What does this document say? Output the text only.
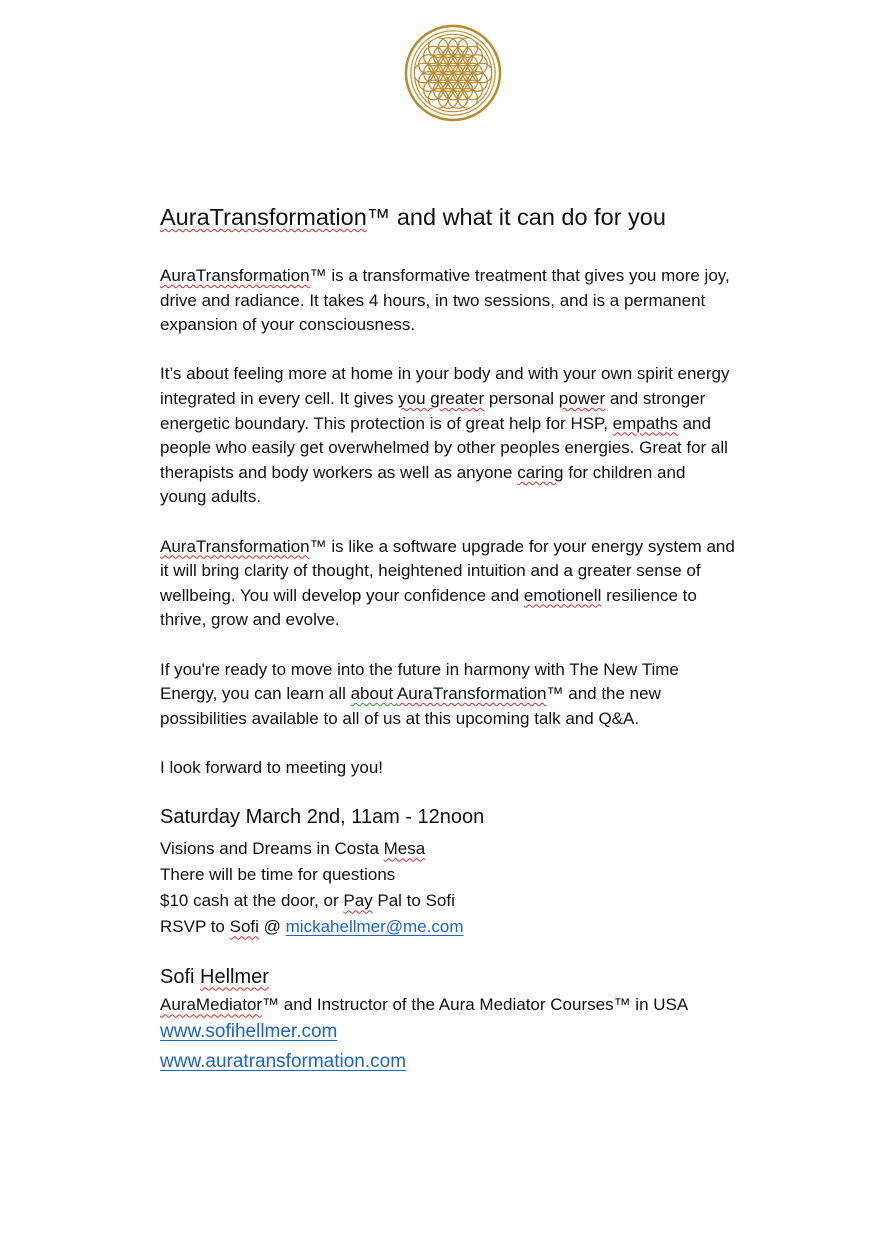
AuraTransformation™ and what it can do for you

AuraTransformation™ is a transformative treatment that gives you more joy, drive and radiance. It takes 4 hours, in two sessions, and is a permanent expansion of your consciousness.

It’s about feeling more at home in your body and with your own spirit energy integrated in every cell. It gives you greater personal power and stronger energetic boundary. This protection is of great help for HSP, empaths and people who easily get overwhelmed by other peoples energies. Great for all therapists and body workers as well as anyone caring for children and young adults.

AuraTransformation™ is like a software upgrade for your energy system and it will bring clarity of thought, heightened intuition and a greater sense of wellbeing. You will develop your confidence and emotionell resilience to thrive, grow and evolve.

If you're ready to move into the future in harmony with The New Time Energy, you can learn all about AuraTransformation™ and the new possibilities available to all of us at this upcoming talk and Q&A.

I look forward to meeting you!

Saturday March 2nd, 11am - 12noon
Visions and Dreams in Costa Mesa
There will be time for questions
$10 cash at the door, or Pay Pal to Sofi
RSVP to Sofi @ mickahellmer@me.com
Sofi Hellmer

AuraMediator™ and Instructor of the Aura Mediator Courses™ in USA

www.sofihellmer.com
www.auratransformation.com
